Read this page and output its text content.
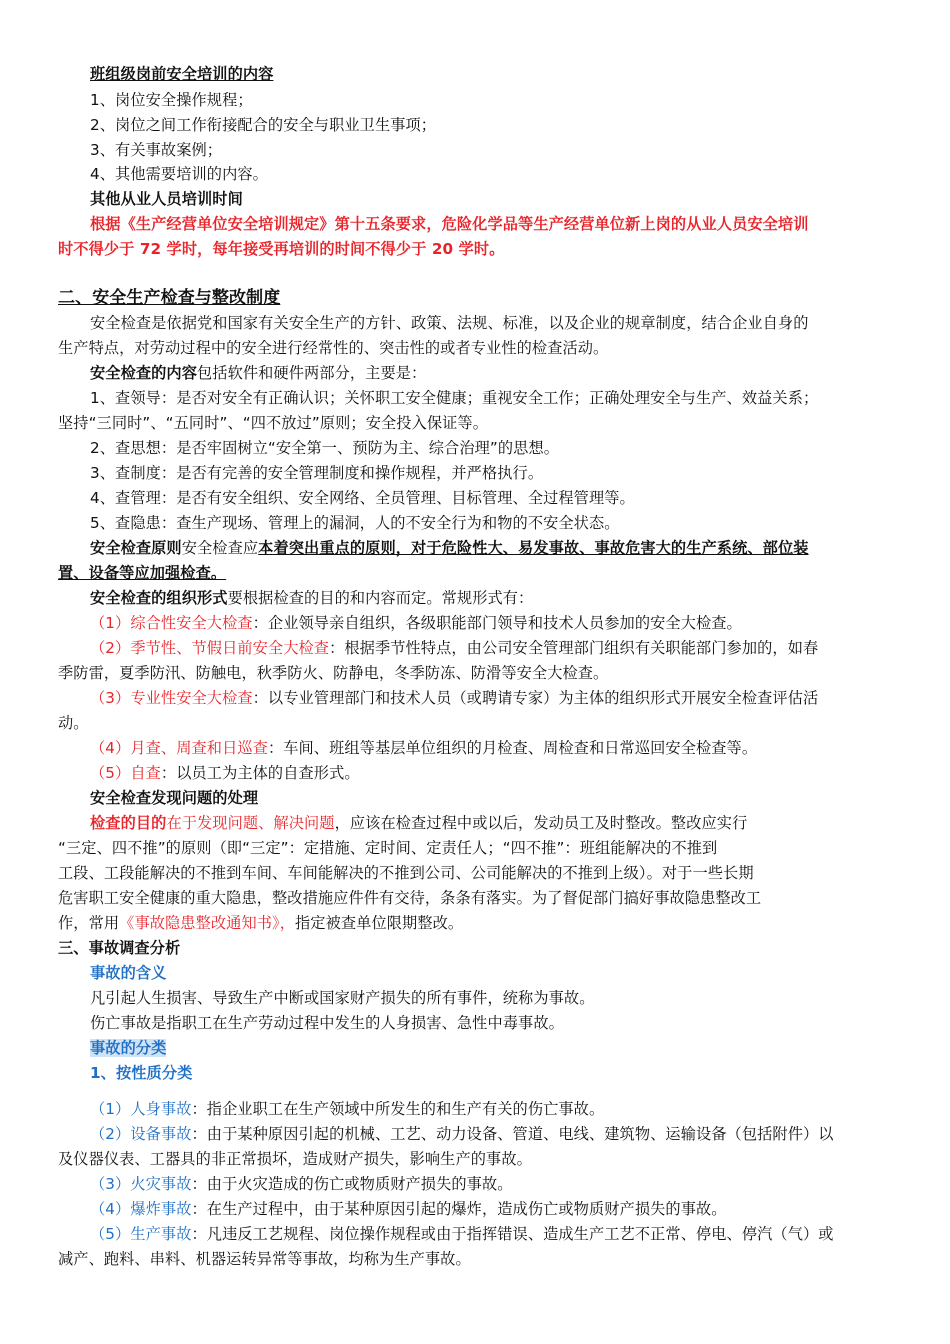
班组级岗前安全培训的内容
1、岗位安全操作规程；
2、岗位之间工作衔接配合的安全与职业卫生事项；
3、有关事故案例；
4、其他需要培训的内容。
其他从业人员培训时间
根据《生产经营单位安全培训规定》第十五条要求，危险化学品等生产经营单位新上岗的从业人员安全培训
时不得少于 72 学时，每年接受再培训的时间不得少于 20 学时。
二、安全生产检查与整改制度
安全检查是依据党和国家有关安全生产的方针、政策、法规、标准，以及企业的规章制度，结合企业自身的
生产特点，对劳动过程中的安全进行经常性的、突击性的或者专业性的检查活动。
安全检查的内容包括软件和硬件两部分，主要是：
1、查领导：是否对安全有正确认识；关怀职工安全健康；重视安全工作；正确处理安全与生产、效益关系；
坚持“三同时”、“五同时”、“四不放过”原则；安全投入保证等。
2、查思想：是否牢固树立“安全第一、预防为主、综合治理”的思想。
3、查制度：是否有完善的安全管理制度和操作规程，并严格执行。
4、查管理：是否有安全组织、安全网络、全员管理、目标管理、全过程管理等。
5、查隐患：查生产现场、管理上的漏洞，人的不安全行为和物的不安全状态。
安全检查原则安全检查应本着突出重点的原则，对于危险性大、易发事故、事故危害大的生产系统、部位装
置、设备等应加强检查。
安全检查的组织形式要根据检查的目的和内容而定。常规形式有：
（1）综合性安全大检查：企业领导亲自组织，各级职能部门领导和技术人员参加的安全大检查。
（2）季节性、节假日前安全大检查：根据季节性特点，由公司安全管理部门组织有关职能部门参加的，如春
季防雷，夏季防汛、防触电，秋季防火、防静电，冬季防冻、防滑等安全大检查。
（3）专业性安全大检查：以专业管理部门和技术人员（或聘请专家）为主体的组织形式开展安全检查评估活
动。
（4）月查、周查和日巡查：车间、班组等基层单位组织的月检查、周检查和日常巡回安全检查等。
（5）自查：以员工为主体的自查形式。
安全检查发现问题的处理
检查的目的在于发现问题、解决问题，应该在检查过程中或以后，发动员工及时整改。整改应实行
“三定、四不推”的原则（即“三定”：定措施、定时间、定责任人；“四不推”：班组能解决的不推到
工段、工段能解决的不推到车间、车间能解决的不推到公司、公司能解决的不推到上级）。对于一些长期
危害职工安全健康的重大隐患，整改措施应件件有交待，条条有落实。为了督促部门搞好事故隐患整改工
作，常用《事故隐患整改通知书》，指定被查单位限期整改。
三、事故调查分析
事故的含义
凡引起人生损害、导致生产中断或国家财产损失的所有事件，统称为事故。
伤亡事故是指职工在生产劳动过程中发生的人身损害、急性中毒事故。
事故的分类
1、按性质分类
（1）人身事故：指企业职工在生产领域中所发生的和生产有关的伤亡事故。
（2）设备事故：由于某种原因引起的机械、工艺、动力设备、管道、电线、建筑物、运输设备（包括附件）以
及仪器仪表、工器具的非正常损坏，造成财产损失，影响生产的事故。
（3）火灾事故：由于火灾造成的伤亡或物质财产损失的事故。
（4）爆炸事故：在生产过程中，由于某种原因引起的爆炸，造成伤亡或物质财产损失的事故。
（5）生产事故：凡违反工艺规程、岗位操作规程或由于指挥错误、造成生产工艺不正常、停电、停汽（气）或
减产、跑料、串料、机器运转异常等事故，均称为生产事故。
